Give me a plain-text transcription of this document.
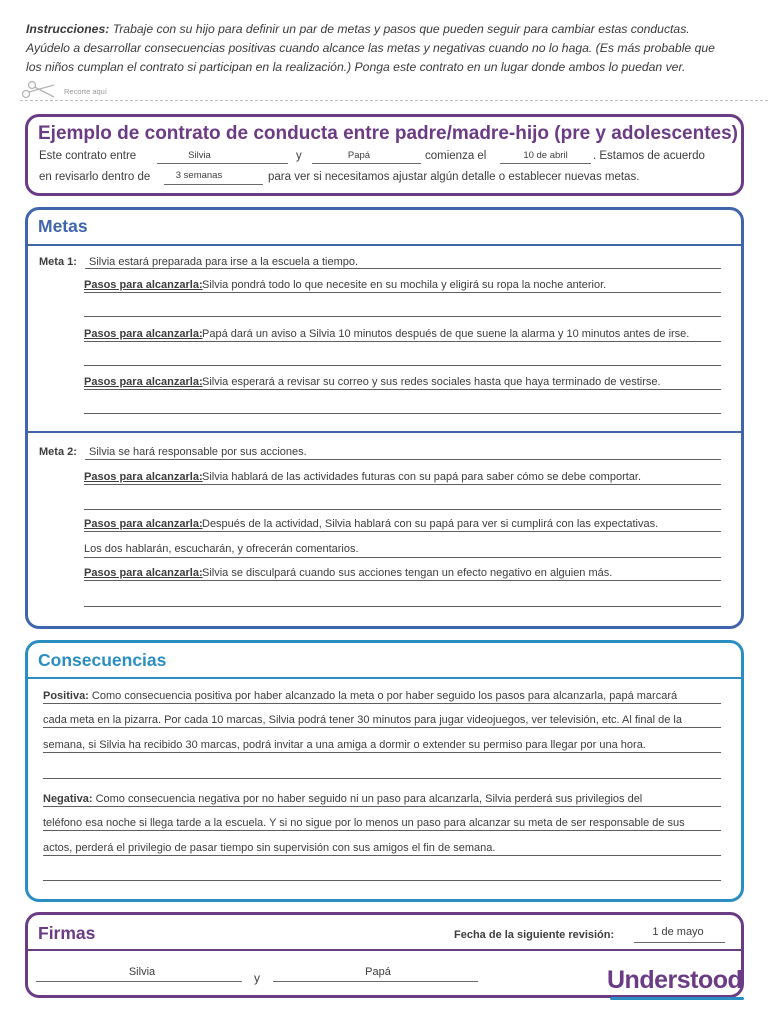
Instrucciones: Trabaje con su hijo para definir un par de metas y pasos que pueden seguir para cambiar estas conductas.
Ayúdelo a desarrollar consecuencias positivas cuando alcance las metas y negativas cuando no lo haga. (Es más probable que
los niños cumplan el contrato si participan en la realización.) Ponga este contrato en un lugar donde ambos lo puedan ver.
Recorte aquí
Ejemplo de contrato de conducta entre padre/madre-hijo (pre y adolescentes)
Este contrato entre	Silvia	y	Papá	comienza el	10 de abril	. Estamos de acuerdo
en revisarlo dentro de	3 semanas	para ver si necesitamos ajustar algún detalle o establecer nuevas metas.
Metas
Meta 1: Silvia estará preparada para irse a la escuela a tiempo.
Pasos para alcanzarla: Silvia pondrá todo lo que necesite en su mochila y eligirá su ropa la noche anterior.
Pasos para alcanzarla: Papá dará un aviso a Silvia 10 minutos después de que suene la alarma y 10 minutos antes de irse.
Pasos para alcanzarla: Silvia esperará a revisar su correo y sus redes sociales hasta que haya terminado de vestirse.
Meta 2: Silvia se hará responsable por sus acciones.
Pasos para alcanzarla: Silvia hablará de las actividades futuras con su papá para saber cómo se debe comportar.
Pasos para alcanzarla: Después de la actividad, Silvia hablará con su papá para ver si cumplirá con las expectativas.
Los dos hablarán, escucharán, y ofrecerán comentarios.
Pasos para alcanzarla: Silvia se disculpará cuando sus acciones tengan un efecto negativo en alguien más.
Consecuencias
Positiva: Como consecuencia positiva por haber alcanzado la meta o por haber seguido los pasos para alcanzarla, papá marcará
cada meta en la pizarra. Por cada 10 marcas, Silvia podrá tener 30 minutos para jugar videojuegos, ver televisión, etc. Al final de la
semana, si Silvia ha recibido 30 marcas, podrá invitar a una amiga a dormir o extender su permiso para llegar por una hora.
Negativa: Como consecuencia negativa por no haber seguido ni un paso para alcanzarla, Silvia perderá sus privilegios del
teléfono esa noche si llega tarde a la escuela. Y si no sigue por lo menos un paso para alcanzar su meta de ser responsable de sus
actos, perderá el privilegio de pasar tiempo sin supervisión con sus amigos el fin de semana.
Firmas	Fecha de la siguiente revisión:	1 de mayo
Silvia	y	Papá	Understood
